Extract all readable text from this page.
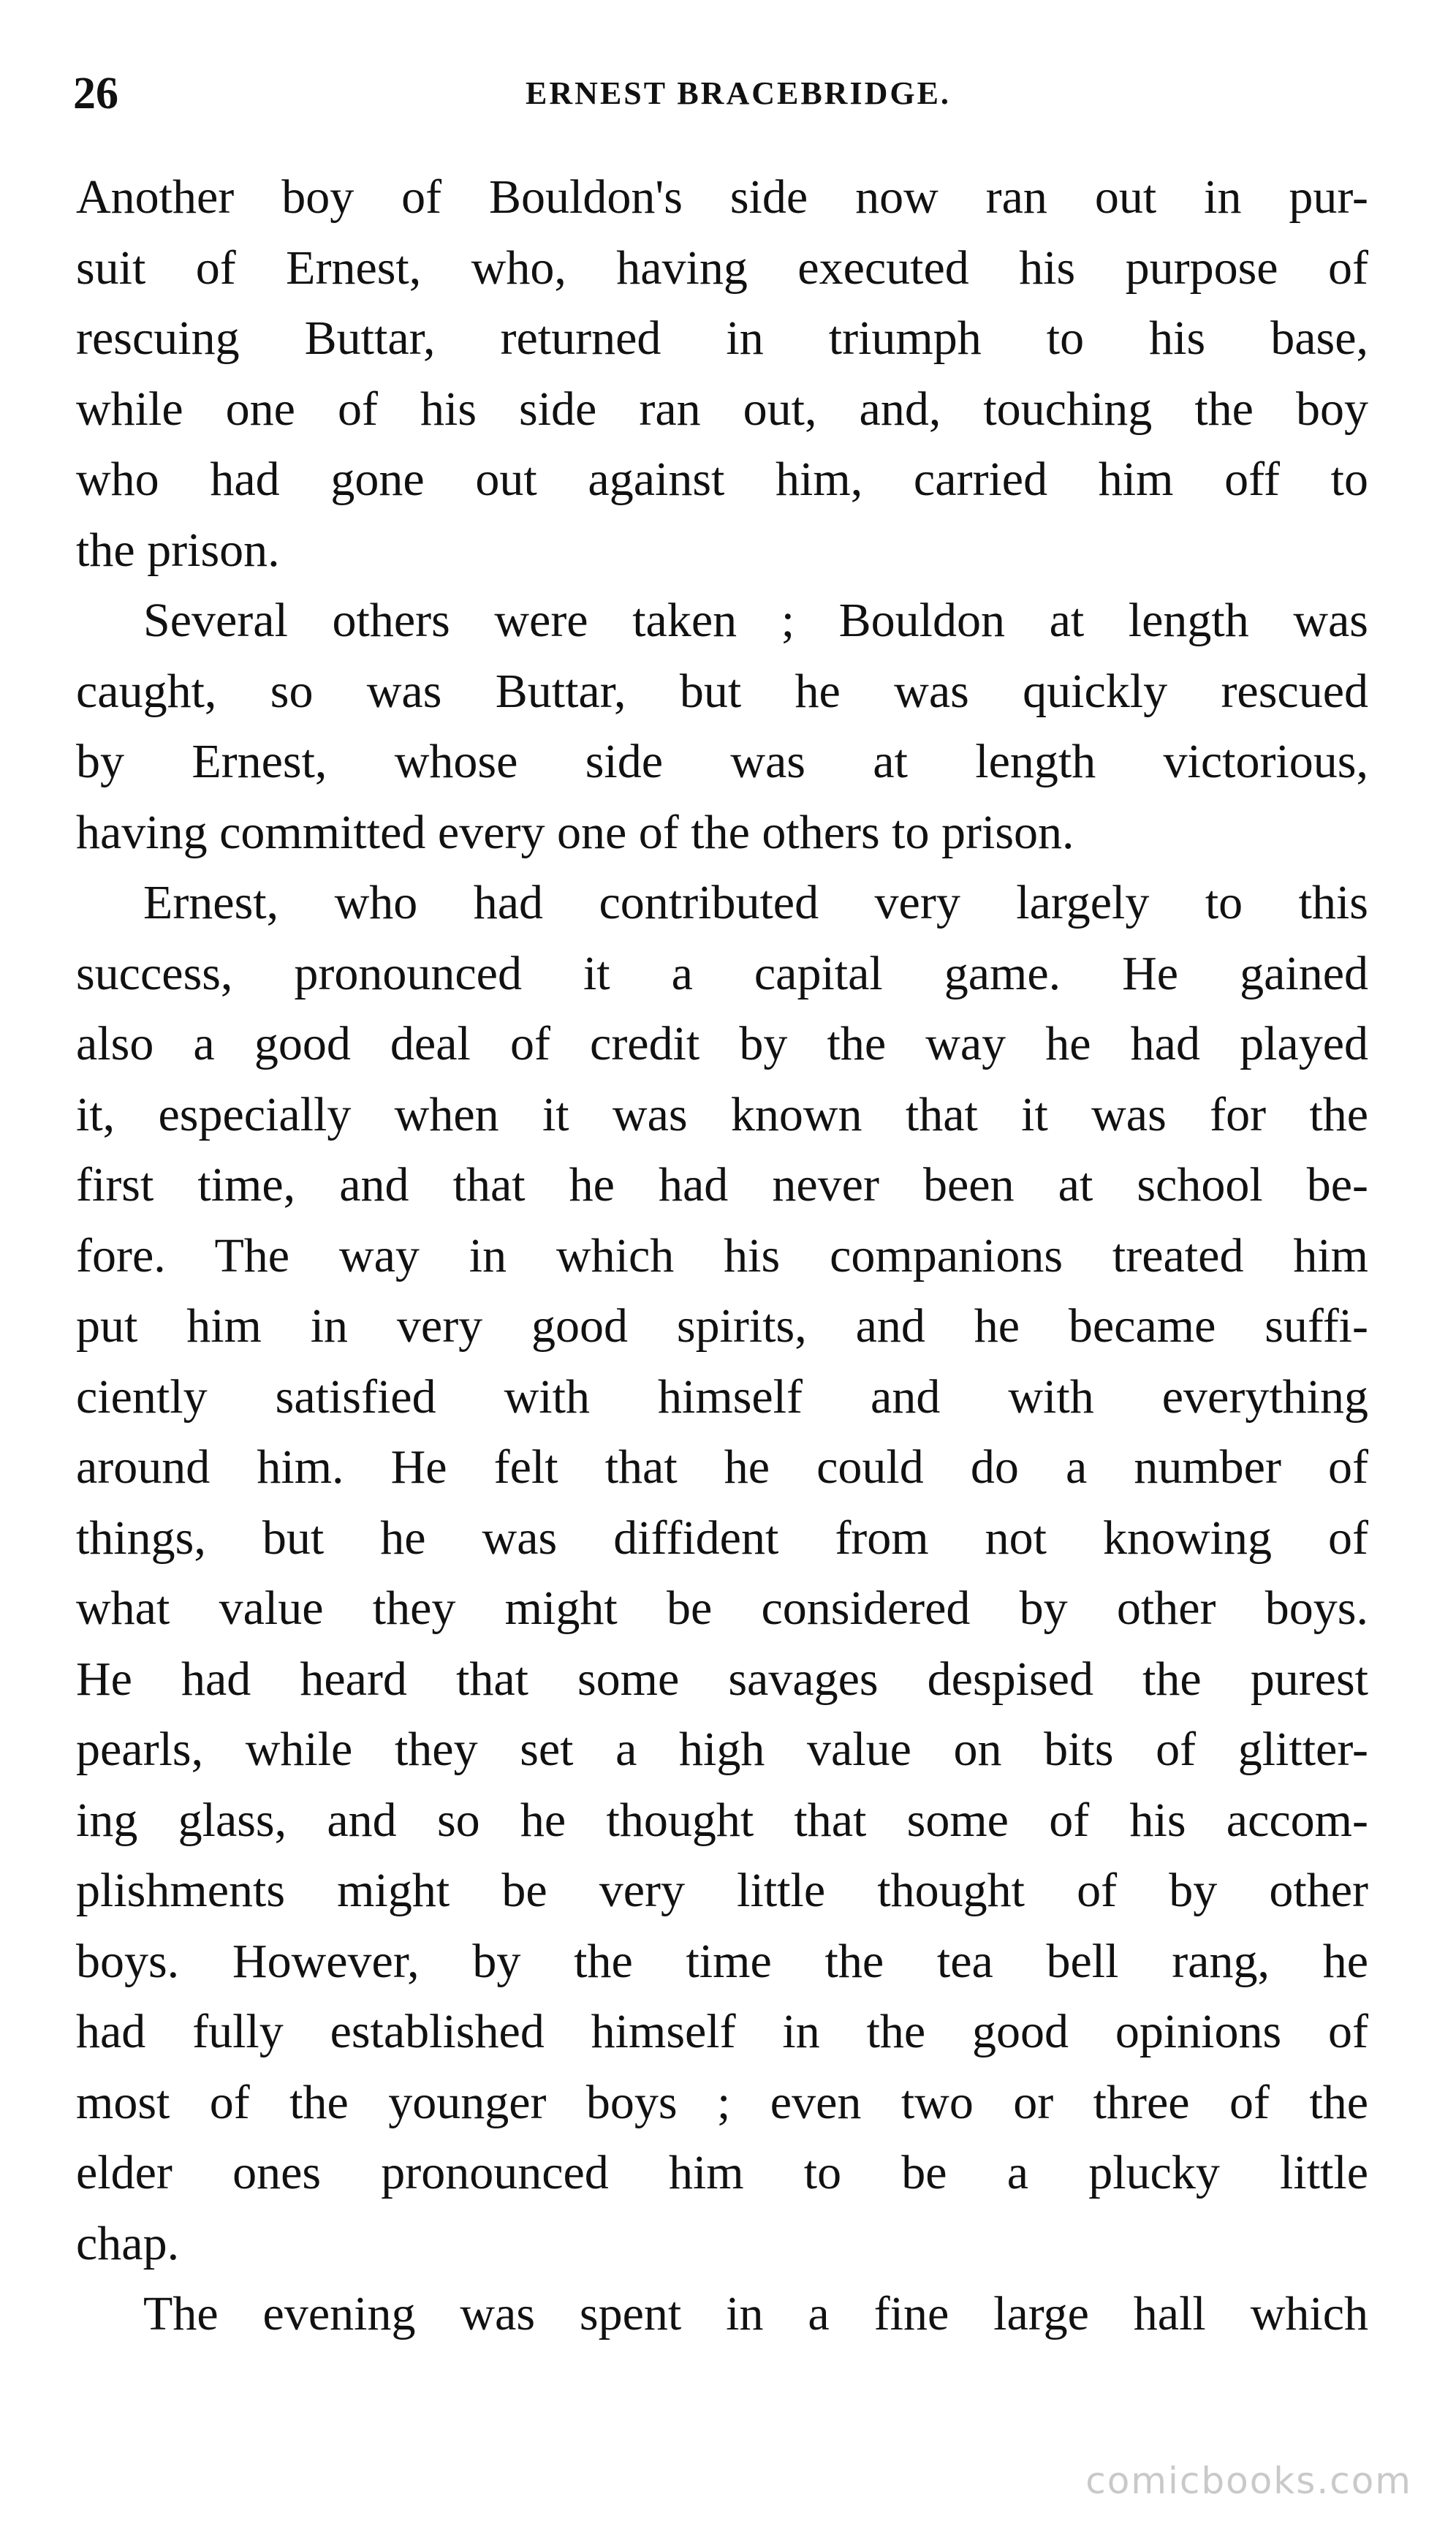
26	ERNEST BRACEBRIDGE.
Another boy of Bouldon's side now ran out in pur-
suit of Ernest, who, having executed his purpose of
rescuing Buttar, returned in triumph to his base,
while one of his side ran out, and, touching the boy
who had gone out against him, carried him off to
the prison.
Several others were taken ; Bouldon at length was
caught, so was Buttar, but he was quickly rescued
by Ernest, whose side was at length victorious,
having committed every one of the others to prison.
Ernest, who had contributed very largely to this
success, pronounced it a capital game. He gained
also a good deal of credit by the way he had played
it, especially when it was known that it was for the
first time, and that he had never been at school be-
fore. The way in which his companions treated him
put him in very good spirits, and he became suffi-
ciently satisfied with himself and with everything
around him. He felt that he could do a number of
things, but he was diffident from not knowing of
what value they might be considered by other boys.
He had heard that some savages despised the purest
pearls, while they set a high value on bits of glitter-
ing glass, and so he thought that some of his accom-
plishments might be very little thought of by other
boys. However, by the time the tea bell rang, he
had fully established himself in the good opinions of
most of the younger boys ; even two or three of the
elder ones pronounced him to be a plucky little
chap.
The evening was spent in a fine large hall which
comicbooks.com
